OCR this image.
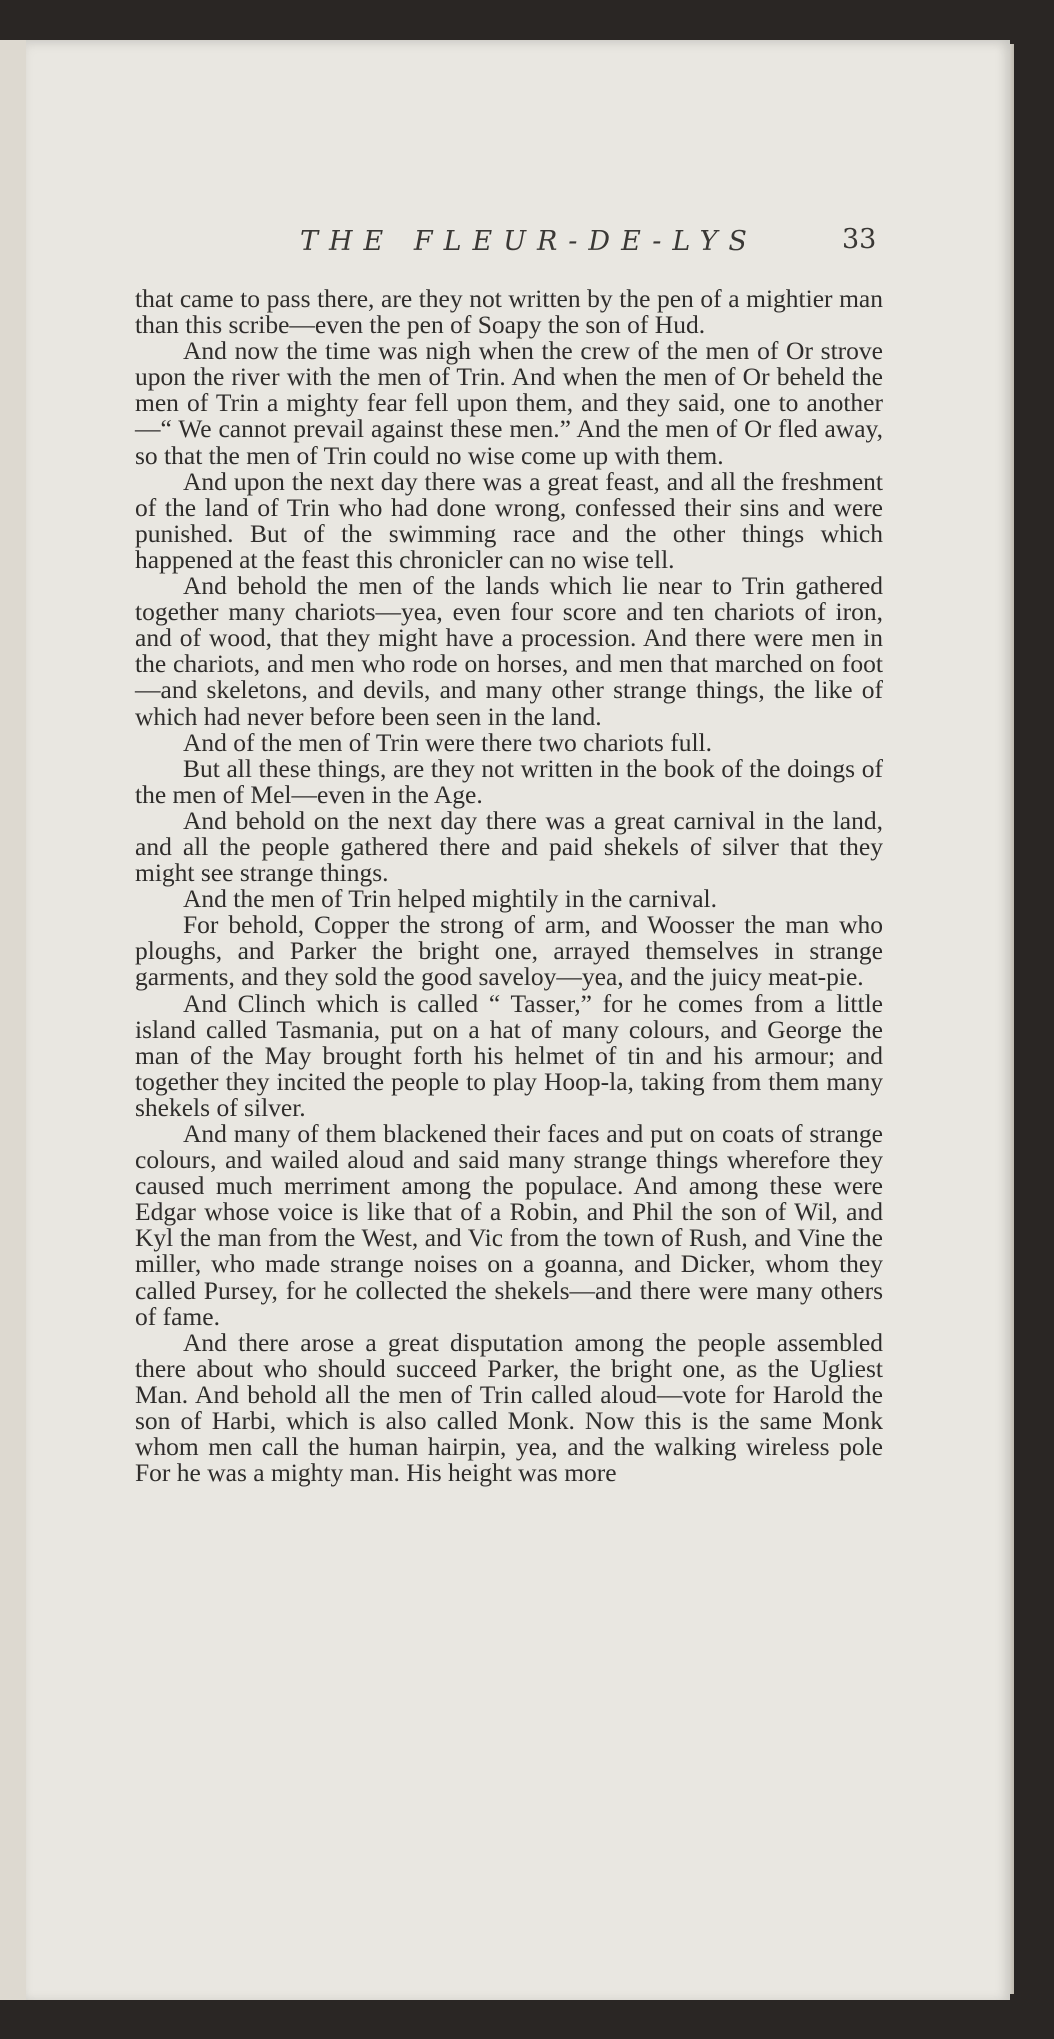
THE FLEUR-DE-LYS	33

that came to pass there, are they not written by the pen of a mightier man than this scribe—even the pen of Soapy the son of Hud.

And now the time was nigh when the crew of the men of Or strove upon the river with the men of Trin. And when the men of Or beheld the men of Trin a mighty fear fell upon them, and they said, one to another—“ We cannot prevail against these men.” And the men of Or fled away, so that the men of Trin could no wise come up with them.

And upon the next day there was a great feast, and all the freshment of the land of Trin who had done wrong, confessed their sins and were punished. But of the swimming race and the other things which happened at the feast this chronicler can no wise tell.

And behold the men of the lands which lie near to Trin gathered together many chariots—yea, even four score and ten chariots of iron, and of wood, that they might have a procession. And there were men in the chariots, and men who rode on horses, and men that marched on foot—and skeletons, and devils, and many other strange things, the like of which had never before been seen in the land.

And of the men of Trin were there two chariots full.

But all these things, are they not written in the book of the doings of the men of Mel—even in the Age.

And behold on the next day there was a great carnival in the land, and all the people gathered there and paid shekels of silver that they might see strange things.

And the men of Trin helped mightily in the carnival.

For behold, Copper the strong of arm, and Woosser the man who ploughs, and Parker the bright one, arrayed themselves in strange garments, and they sold the good saveloy—yea, and the juicy meat-pie.

And Clinch which is called “ Tasser,” for he comes from a little island called Tasmania, put on a hat of many colours, and George the man of the May brought forth his helmet of tin and his armour; and together they incited the people to play Hoop-la, taking from them many shekels of silver.

And many of them blackened their faces and put on coats of strange colours, and wailed aloud and said many strange things wherefore they caused much merriment among the populace. And among these were Edgar whose voice is like that of a Robin, and Phil the son of Wil, and Kyl the man from the West, and Vic from the town of Rush, and Vine the miller, who made strange noises on a goanna, and Dicker, whom they called Pursey, for he collected the shekels—and there were many others of fame.

And there arose a great disputation among the people assembled there about who should succeed Parker, the bright one, as the Ugliest Man. And behold all the men of Trin called aloud—vote for Harold the son of Harbi, which is also called Monk. Now this is the same Monk whom men call the human hairpin, yea, and the walking wireless pole For he was a mighty man. His height was more
